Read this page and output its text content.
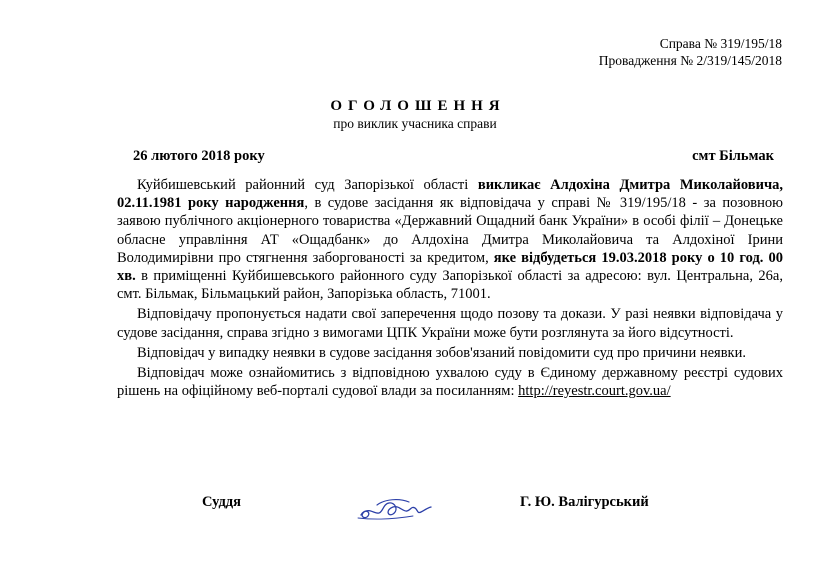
Справа № 319/195/18
Провадження № 2/319/145/2018
ОГОЛОШЕННЯ
про виклик учасника справи
26 лютого 2018 року	смт Більмак

Куйбишевський районний суд Запорізької області викликає Алдохіна Дмитра Миколайовича, 02.11.1981 року народження, в судове засідання як відповідача у справі № 319/195/18 - за позовною заявою публічного акціонерного товариства «Державний Ощадний банк України» в особі філії – Донецьке обласне управління АТ «Ощадбанк» до Алдохіна Дмитра Миколайовича та Алдохіної Ірини Володимирівни про стягнення заборгованості за кредитом, яке відбудеться 19.03.2018 року о 10 год. 00 хв. в приміщенні Куйбишевського районного суду Запорізької області за адресою: вул. Центральна, 26а, смт. Більмак, Більмацький район, Запорізька область, 71001.

Відповідачу пропонується надати свої заперечення щодо позову та докази. У разі неявки відповідача у судове засідання, справа згідно з вимогами ЦПК України може бути розглянута за його відсутності.

Відповідач у випадку неявки в судове засідання зобов'язаний повідомити суд про причини неявки.

Відповідач може ознайомитись з відповідною ухвалою суду в Єдиному державному реєстрі судових рішень на офіційному веб-порталі судової влади за посиланням: http://reyestr.court.gov.ua/

Суддя	Г. Ю. Валігурський
